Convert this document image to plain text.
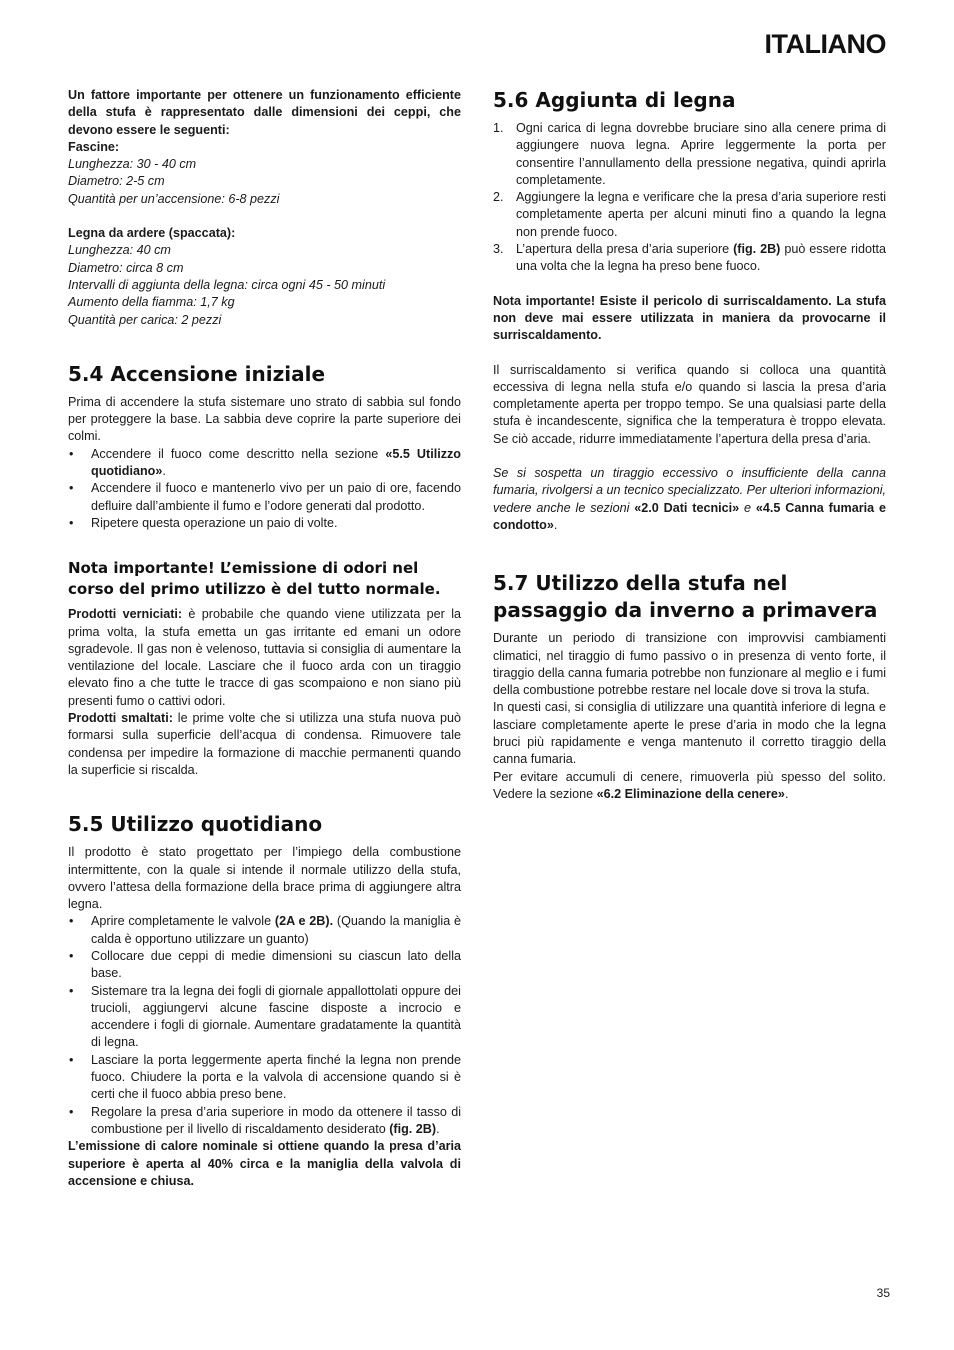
ITALIANO

Un fattore importante per ottenere un funzionamento efficiente della stufa è rappresentato dalle dimensioni dei ceppi, che devono essere le seguenti:

Fascine:
Lunghezza: 30 - 40 cm
Diametro: 2-5 cm
Quantità per un’accensione: 6-8 pezzi
Legna da ardere (spaccata):
Lunghezza: 40 cm
Diametro: circa 8 cm
Intervalli di aggiunta della legna: circa ogni 45 - 50 minuti
Aumento della fiamma: 1,7 kg
Quantità per carica: 2 pezzi
5.4 Accensione iniziale

Prima di accendere la stufa sistemare uno strato di sabbia sul fondo per proteggere la base. La sabbia deve coprire la parte superiore dei colmi.

• Accendere il fuoco come descritto nella sezione «5.5 Utilizzo quotidiano».
• Accendere il fuoco e mantenerlo vivo per un paio di ore, facendo defluire dall’ambiente il fumo e l’odore generati dal prodotto.
• Ripetere questa operazione un paio di volte.
Nota importante! L’emissione di odori nel corso del primo utilizzo è del tutto normale.

Prodotti verniciati: è probabile che quando viene utilizzata per la prima volta, la stufa emetta un gas irritante ed emani un odore sgradevole. Il gas non è velenoso, tuttavia si consiglia di aumentare la ventilazione del locale. Lasciare che il fuoco arda con un tiraggio elevato fino a che tutte le tracce di gas scompaiono e non siano più presenti fumo o cattivi odori.

Prodotti smaltati: le prime volte che si utilizza una stufa nuova può formarsi sulla superficie dell’acqua di condensa. Rimuovere tale condensa per impedire la formazione di macchie permanenti quando la superficie si riscalda.

5.5 Utilizzo quotidiano

Il prodotto è stato progettato per l’impiego della combustione intermittente, con la quale si intende il normale utilizzo della stufa, ovvero l’attesa della formazione della brace prima di aggiungere altra legna.

• Aprire completamente le valvole (2A e 2B). (Quando la maniglia è calda è opportuno utilizzare un guanto)
• Collocare due ceppi di medie dimensioni su ciascun lato della base.
• Sistemare tra la legna dei fogli di giornale appallottolati oppure dei trucioli, aggiungervi alcune fascine disposte a incrocio e accendere i fogli di giornale. Aumentare gradatamente la quantità di legna.
• Lasciare la porta leggermente aperta finché la legna non prende fuoco. Chiudere la porta e la valvola di accensione quando si è certi che il fuoco abbia preso bene.
• Regolare la presa d’aria superiore in modo da ottenere il tasso di combustione per il livello di riscaldamento desiderato (fig. 2B).

L’emissione di calore nominale si ottiene quando la presa d’aria superiore è aperta al 40% circa e la maniglia della valvola di accensione e chiusa.

5.6 Aggiunta di legna
1. Ogni carica di legna dovrebbe bruciare sino alla cenere prima di aggiungere nuova legna. Aprire leggermente la porta per consentire l’annullamento della pressione negativa, quindi aprirla completamente.
2. Aggiungere la legna e verificare che la presa d’aria superiore resti completamente aperta per alcuni minuti fino a quando la legna non prende fuoco.
3. L’apertura della presa d’aria superiore (fig. 2B) può essere ridotta una volta che la legna ha preso bene fuoco.

Nota importante! Esiste il pericolo di surriscaldamento. La stufa non deve mai essere utilizzata in maniera da provocarne il surriscaldamento.

Il surriscaldamento si verifica quando si colloca una quantità eccessiva di legna nella stufa e/o quando si lascia la presa d’aria completamente aperta per troppo tempo. Se una qualsiasi parte della stufa è incandescente, significa che la temperatura è troppo elevata. Se ciò accade, ridurre immediatamente l’apertura della presa d’aria.

Se si sospetta un tiraggio eccessivo o insufficiente della canna fumaria, rivolgersi a un tecnico specializzato. Per ulteriori informazioni, vedere anche le sezioni «2.0 Dati tecnici» e «4.5 Canna fumaria e condotto».

5.7 Utilizzo della stufa nel passaggio da inverno a primavera

Durante un periodo di transizione con improvvisi cambiamenti climatici, nel tiraggio di fumo passivo o in presenza di vento forte, il tiraggio della canna fumaria potrebbe non funzionare al meglio e i fumi della combustione potrebbe restare nel locale dove si trova la stufa.

In questi casi, si consiglia di utilizzare una quantità inferiore di legna e lasciare completamente aperte le prese d’aria in modo che la legna bruci più rapidamente e venga mantenuto il corretto tiraggio della canna fumaria.

Per evitare accumuli di cenere, rimuoverla più spesso del solito. Vedere la sezione «6.2 Eliminazione della cenere».

35
